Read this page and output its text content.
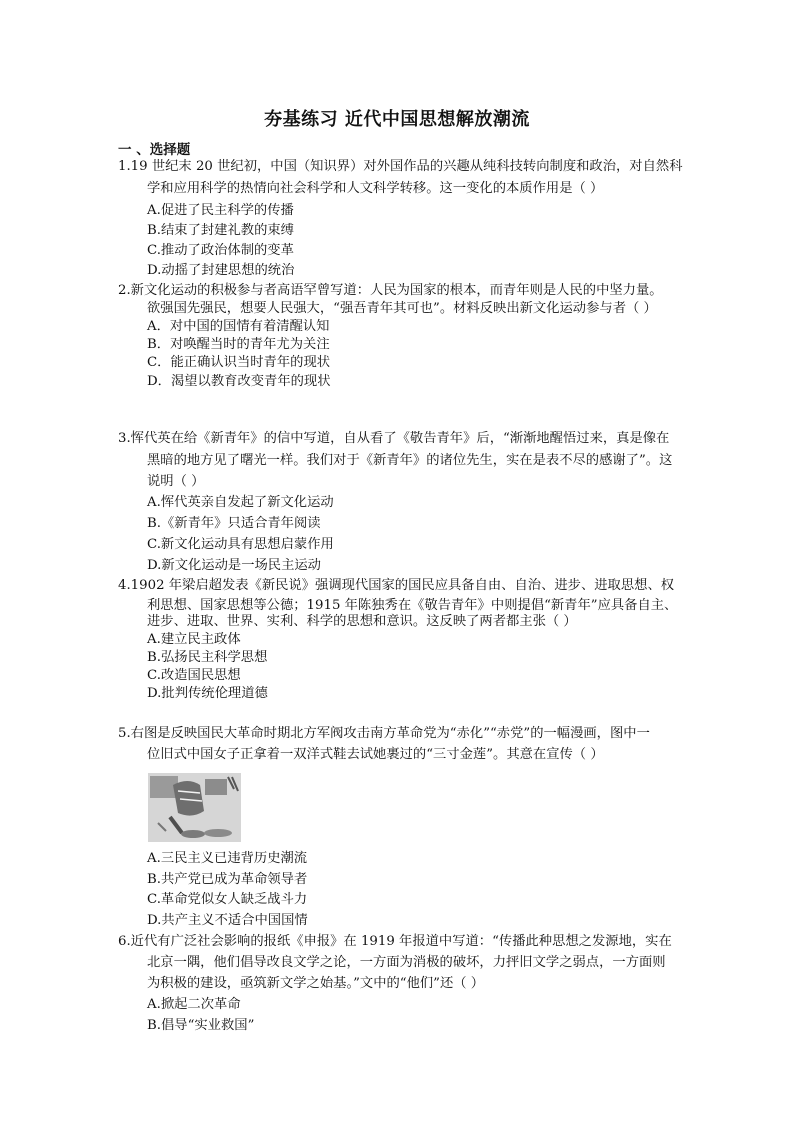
夯基练习 近代中国思想解放潮流
一 、选择题
1.19 世纪末 20 世纪初，中国（知识界）对外国作品的兴趣从纯科技转向制度和政治，对自然科
学和应用科学的热情向社会科学和人文科学转移。这一变化的本质作用是（ ）
A.促进了民主科学的传播
B.结束了封建礼教的束缚
C.推动了政治体制的变革
D.动摇了封建思想的统治
2.新文化运动的积极参与者高语罕曾写道：人民为国家的根本，而青年则是人民的中坚力量。
欲强国先强民，想要人民强大，“强吾青年其可也”。材料反映出新文化运动参与者（ ）
A．对中国的国情有着清醒认知
B．对唤醒当时的青年尤为关注
C．能正确认识当时青年的现状
D．渴望以教育改变青年的现状
3.恽代英在给《新青年》的信中写道，自从看了《敬告青年》后，“渐渐地醒悟过来，真是像在
黑暗的地方见了曙光一样。我们对于《新青年》的诸位先生，实在是表不尽的感谢了”。这
说明（ ）
A.恽代英亲自发起了新文化运动
B.《新青年》只适合青年阅读
C.新文化运动具有思想启蒙作用
D.新文化运动是一场民主运动
4.1902 年梁启超发表《新民说》强调现代国家的国民应具备自由、自治、进步、进取思想、权
利思想、国家思想等公德；1915 年陈独秀在《敬告青年》中则提倡“新青年”应具备自主、
进步、进取、世界、实利、科学的思想和意识。这反映了两者都主张（ ）
A.建立民主政体
B.弘扬民主科学思想
C.改造国民思想
D.批判传统伦理道德
5.右图是反映国民大革命时期北方军阀攻击南方革命党为“赤化”“赤党”的一幅漫画，图中一
位旧式中国女子正拿着一双洋式鞋去试她裹过的“三寸金莲”。其意在宣传（ ）
A.三民主义已违背历史潮流
B.共产党已成为革命领导者
C.革命党似女人缺乏战斗力
D.共产主义不适合中国国情
6.近代有广泛社会影响的报纸《申报》在 1919 年报道中写道：“传播此种思想之发源地，实在
北京一隅，他们倡导改良文学之论，一方面为消极的破坏，力抨旧文学之弱点，一方面则
为积极的建设，亟筑新文学之始基。”文中的“他们”还（ ）
A.掀起二次革命
B.倡导“实业救国”
